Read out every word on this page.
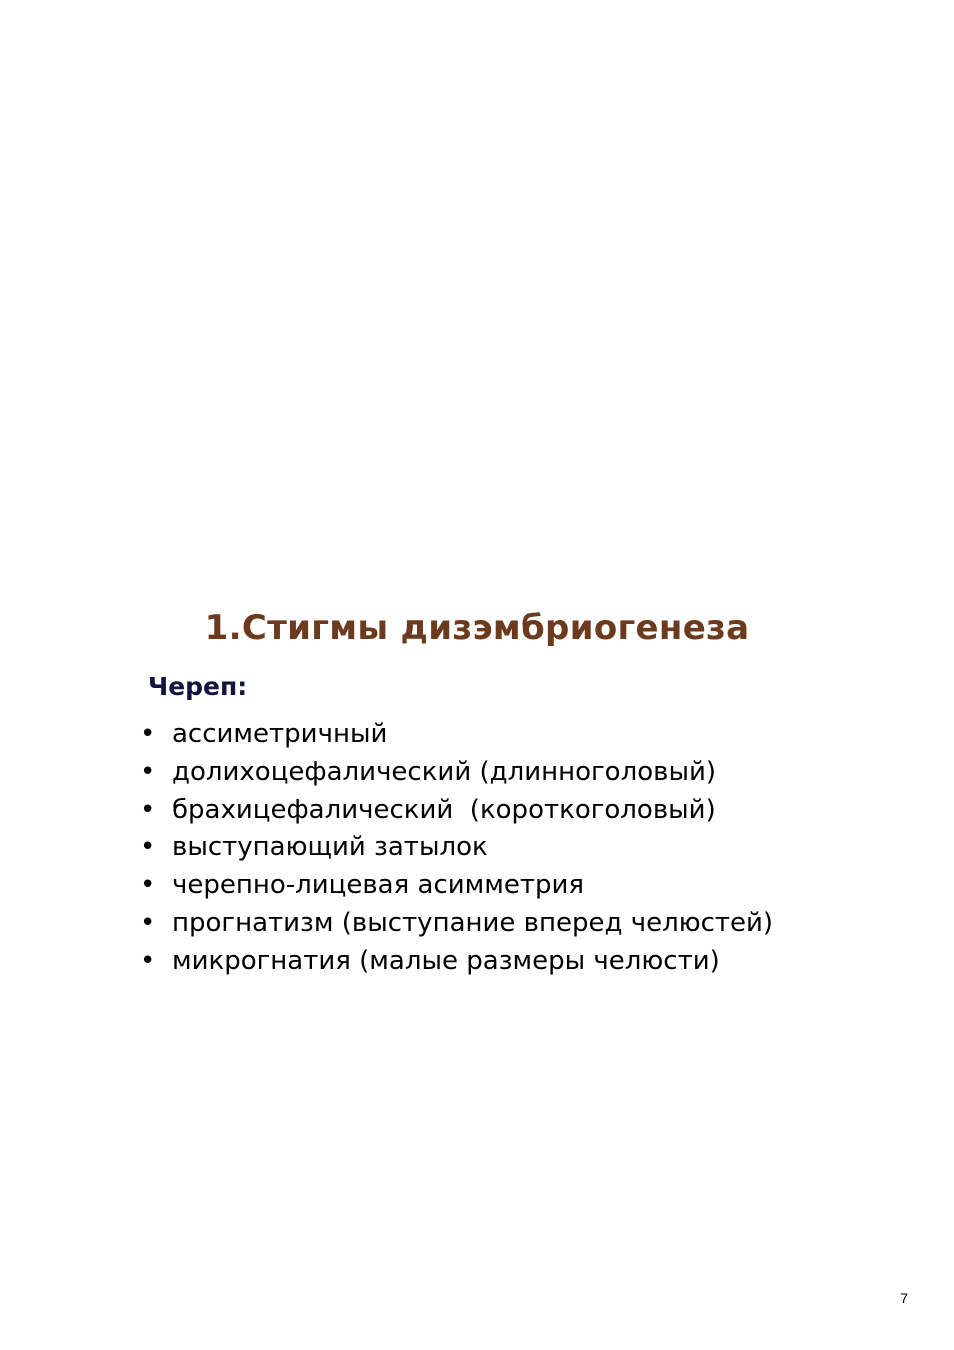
1.Стигмы дизэмбриогенеза
Череп:
• ассиметричный
• долихоцефалический (длинноголовый)
• брахицефалический  (короткоголовый)
• выступающий затылок
• черепно-лицевая асимметрия
• прогнатизм (выступание вперед челюстей)
• микрогнатия (малые размеры челюсти)
7
